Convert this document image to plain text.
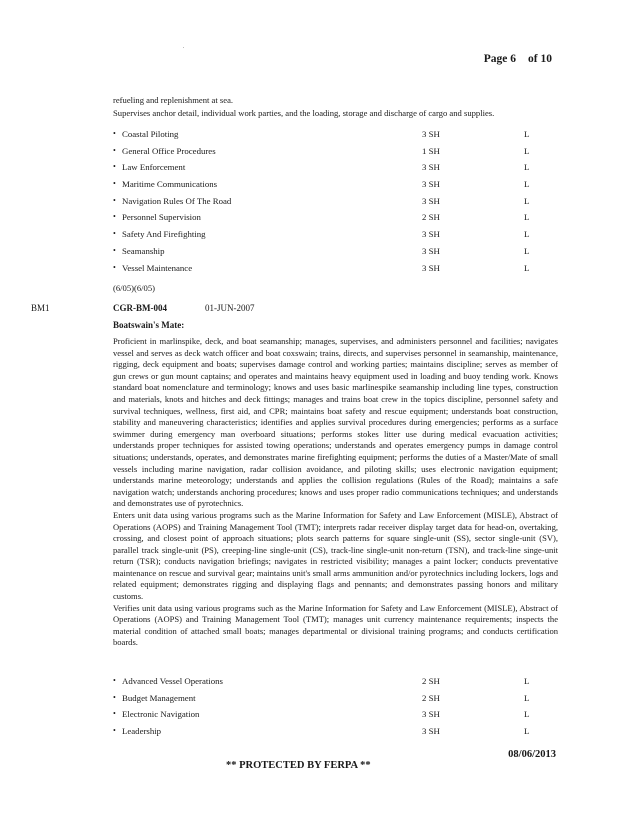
Page 6 of 10
refueling and replenishment at sea.
Supervises anchor detail, individual work parties, and the loading, storage and discharge of cargo and supplies.
• Coastal Piloting	3 SH	L
• General Office Procedures	1 SH	L
• Law Enforcement	3 SH	L
• Maritime Communications	3 SH	L
• Navigation Rules Of The Road	3 SH	L
• Personnel Supervision	2 SH	L
• Safety And Firefighting	3 SH	L
• Seamanship	3 SH	L
• Vessel Maintenance	3 SH	L
(6/05)(6/05)
BM1	CGR-BM-004	01-JUN-2007
Boatswain's Mate:

Proficient in marlinspike, deck, and boat seamanship; manages, supervises, and administers personnel and facilities; navigates vessel and serves as deck watch officer and boat coxswain; trains, directs, and supervises personnel in seamanship, maintenance, rigging, deck equipment and boats; supervises damage control and working parties; maintains discipline; serves as member of gun crews or gun mount captains; and operates and maintains heavy equipment used in loading and buoy tending work. Knows standard boat nomenclature and terminology; knows and uses basic marlinespike seamanship including line types, construction and materials, knots and hitches and deck fittings; manages and trains boat crew in the topics discipline, personnel safety and survival techniques, wellness, first aid, and CPR; maintains boat safety and rescue equipment; understands boat construction, stability and maneuvering characteristics; identifies and applies survival procedures during emergencies; performs as a surface swimmer during emergency man overboard situations; performs stokes litter use during medical evacuation activities; understands proper techniques for assisted towing operations; understands and operates emergency pumps in damage control situations; understands, operates, and demonstrates marine firefighting equipment; performs the duties of a Master/Mate of small vessels including marine navigation, radar collision avoidance, and piloting skills; uses electronic navigation equipment; understands marine meteorology; understands and applies the collision regulations (Rules of the Road); maintains a safe navigation watch; understands anchoring procedures; knows and uses proper radio communications techniques; and understands and demonstrates use of pyrotechnics.

Enters unit data using various programs such as the Marine Information for Safety and Law Enforcement (MISLE), Abstract of Operations (AOPS) and Training Management Tool (TMT); interprets radar receiver display target data for head-on, overtaking, crossing, and closest point of approach situations; plots search patterns for square single-unit (SS), sector single-unit (SV), parallel track single-unit (PS), creeping-line single-unit (CS), track-line single-unit non-return (TSN), and track-line singe-unit return (TSR); conducts navigation briefings; navigates in restricted visibility; manages a paint locker; conducts preventative maintenance on rescue and survival gear; maintains unit's small arms ammunition and/or pyrotechnics including lockers, logs and related equipment; demonstrates rigging and displaying flags and pennants; and demonstrates passing honors and military customs.

Verifies unit data using various programs such as the Marine Information for Safety and Law Enforcement (MISLE), Abstract of Operations (AOPS) and Training Management Tool (TMT); manages unit currency maintenance requirements; inspects the material condition of attached small boats; manages departmental or divisional training programs; and conducts certification boards.

• Advanced Vessel Operations	2 SH	L
• Budget Management	2 SH	L
• Electronic Navigation	3 SH	L
• Leadership	3 SH	L
08/06/2013
** PROTECTED BY FERPA **
